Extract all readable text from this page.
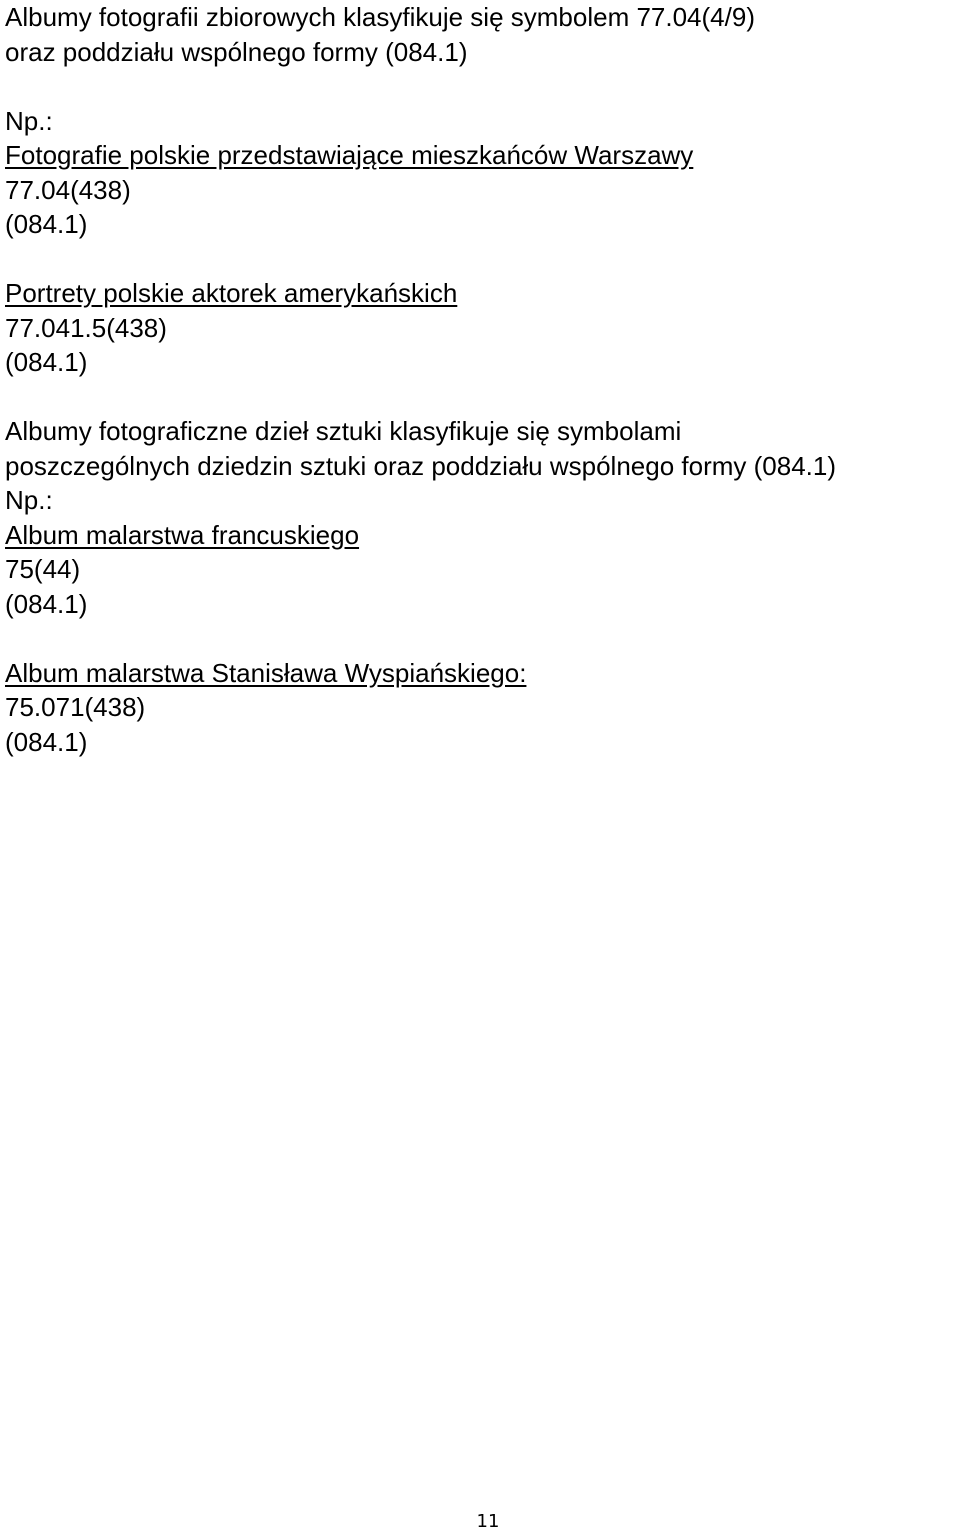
Albumy fotografii zbiorowych klasyfikuje się symbolem 77.04(4/9)

oraz poddziału wspólnego formy (084.1)

Np.:

Fotografie polskie przedstawiające mieszkańców Warszawy

77.04(438)

(084.1)

Portrety polskie aktorek amerykańskich

77.041.5(438)

(084.1)

Albumy fotograficzne dzieł sztuki klasyfikuje się symbolami

poszczególnych dziedzin sztuki oraz poddziału wspólnego formy (084.1)

Np.:

Album malarstwa francuskiego

75(44)

(084.1)

Album malarstwa Stanisława Wyspiańskiego:

75.071(438)

(084.1)

11
